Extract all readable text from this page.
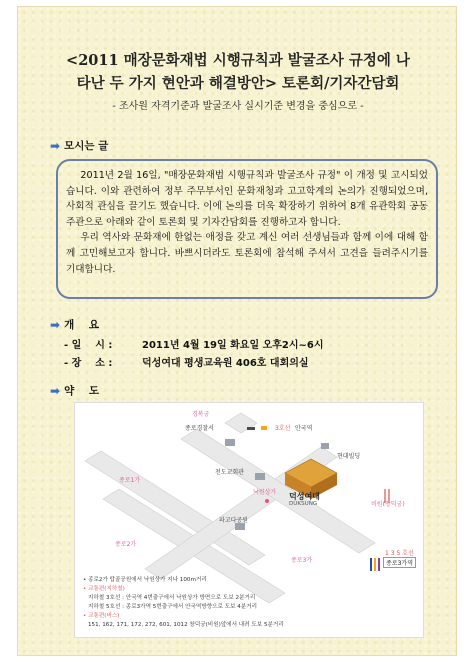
<2011 매장문화재법 시행규칙과 발굴조사 규정에 나
타난 두 가지 현안과 해결방안> 토론회/기자간담회
- 조사원 자격기준과 발굴조사 실시기준 변경을 중심으로 -
➡ 모시는 글

2011년 2월 16일, "매장문화재법 시행규칙과 발굴조사 규정" 이 개정 및 고시되었습니다. 이와 관련하여 정부 주무부서인 문화재청과 고고학계의 논의가 진행되었으며, 사회적 관심을 끌기도 했습니다. 이에 논의를 더욱 확장하기 위하여 8개 유관학회 공동주관으로 아래와 같이 토론회 및 기자간담회를 진행하고자 합니다.

우리 역사와 문화재에 한없는 애정을 갖고 계신 여러 선생님들과 함께 이에 대해 함께 고민해보고자 합니다. 바쁘시더라도 토론회에 참석해 주셔서 고견을 들려주시기를 기대합니다.

➡ 개    요
- 일    시 :	2011년 4월 19일 화요일 오후2시~6시
- 장    소 :	덕성여대 평생교육원 406호 대회의실
➡ 약    도
경복궁
종로경찰서	3호선 안국역
천도교회관
현대빌딩
낙원상가
파고다공원
덕성여대
DUKSUNG	비원(창덕궁)
종로1가
종로2가
종로3가
1 3 5 호선
종로3가역
• 종로2가 탑골공원에서 낙원상가 지나 100m거리
• 교통편(지하철)
지하철 3호선 : 안국역 4번출구에서 낙원상가 방면으로 도보 2분거리
지하철 5호선 : 종로3가역 5번출구에서 안국역방향으로 도보 4분거리
• 교통편(버스)
151, 162, 171, 172, 272, 601, 1012 창덕궁(비원)앞에서 내려 도보 5분거리
